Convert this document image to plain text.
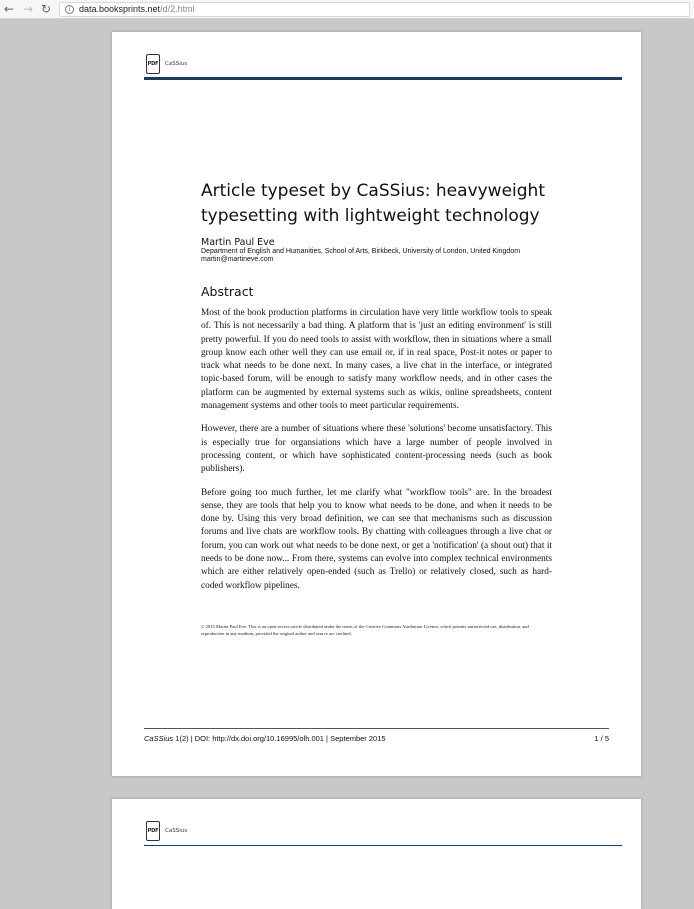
← → ↻	i data.booksprints.net/d/2.html
PDF CaSSius
Article typeset by CaSSius: heavyweight typesetting with lightweight technology
Martin Paul Eve
Department of English and Humanities, School of Arts, Birkbeck, University of London, United Kingdom
martin@martineve.com
Abstract

Most of the book production platforms in circulation have very little workflow tools to speak of. This is not necessarily a bad thing. A platform that is 'just an editing environment' is still pretty powerful. If you do need tools to assist with workflow, then in situations where a small group know each other well they can use email or, if in real space, Post-it notes or paper to track what needs to be done next. In many cases, a live chat in the interface, or integrated topic-based forum, will be enough to satisfy many workflow needs, and in other cases the platform can be augmented by external systems such as wikis, online spreadsheets, content management systems and other tools to meet particular requirements.

However, there are a number of situations where these 'solutions' become unsatisfactory. This is especially true for organsiations which have a large number of people involved in processing content, or which have sophisticated content-processing needs (such as book publishers).

Before going too much further, let me clarify what "workflow tools" are. In the broadest sense, they are tools that help you to know what needs to be done, and when it needs to be done by. Using this very broad definition, we can see that mechanisms such as discussion forums and live chats are workflow tools. By chatting with colleagues through a live chat or forum, you can work out what needs to be done next, or get a 'notification' (a shout out) that it needs to be done now... From there, systems can evolve into complex technical environments which are either relatively open-ended (such as Trello) or relatively closed, such as hard-coded workflow pipelines.

© 2015 Martin Paul Eve. This is an open-access article distributed under the terms of the Creative Commons Attribution License, which permits unrestricted use, distribution, and reproduction in any medium, provided the original author and source are credited.
CaSSius 1(2) | DOI: http://dx.doi.org/10.16995/olh.001 | September 2015	1 / 5
PDF CaSSius
